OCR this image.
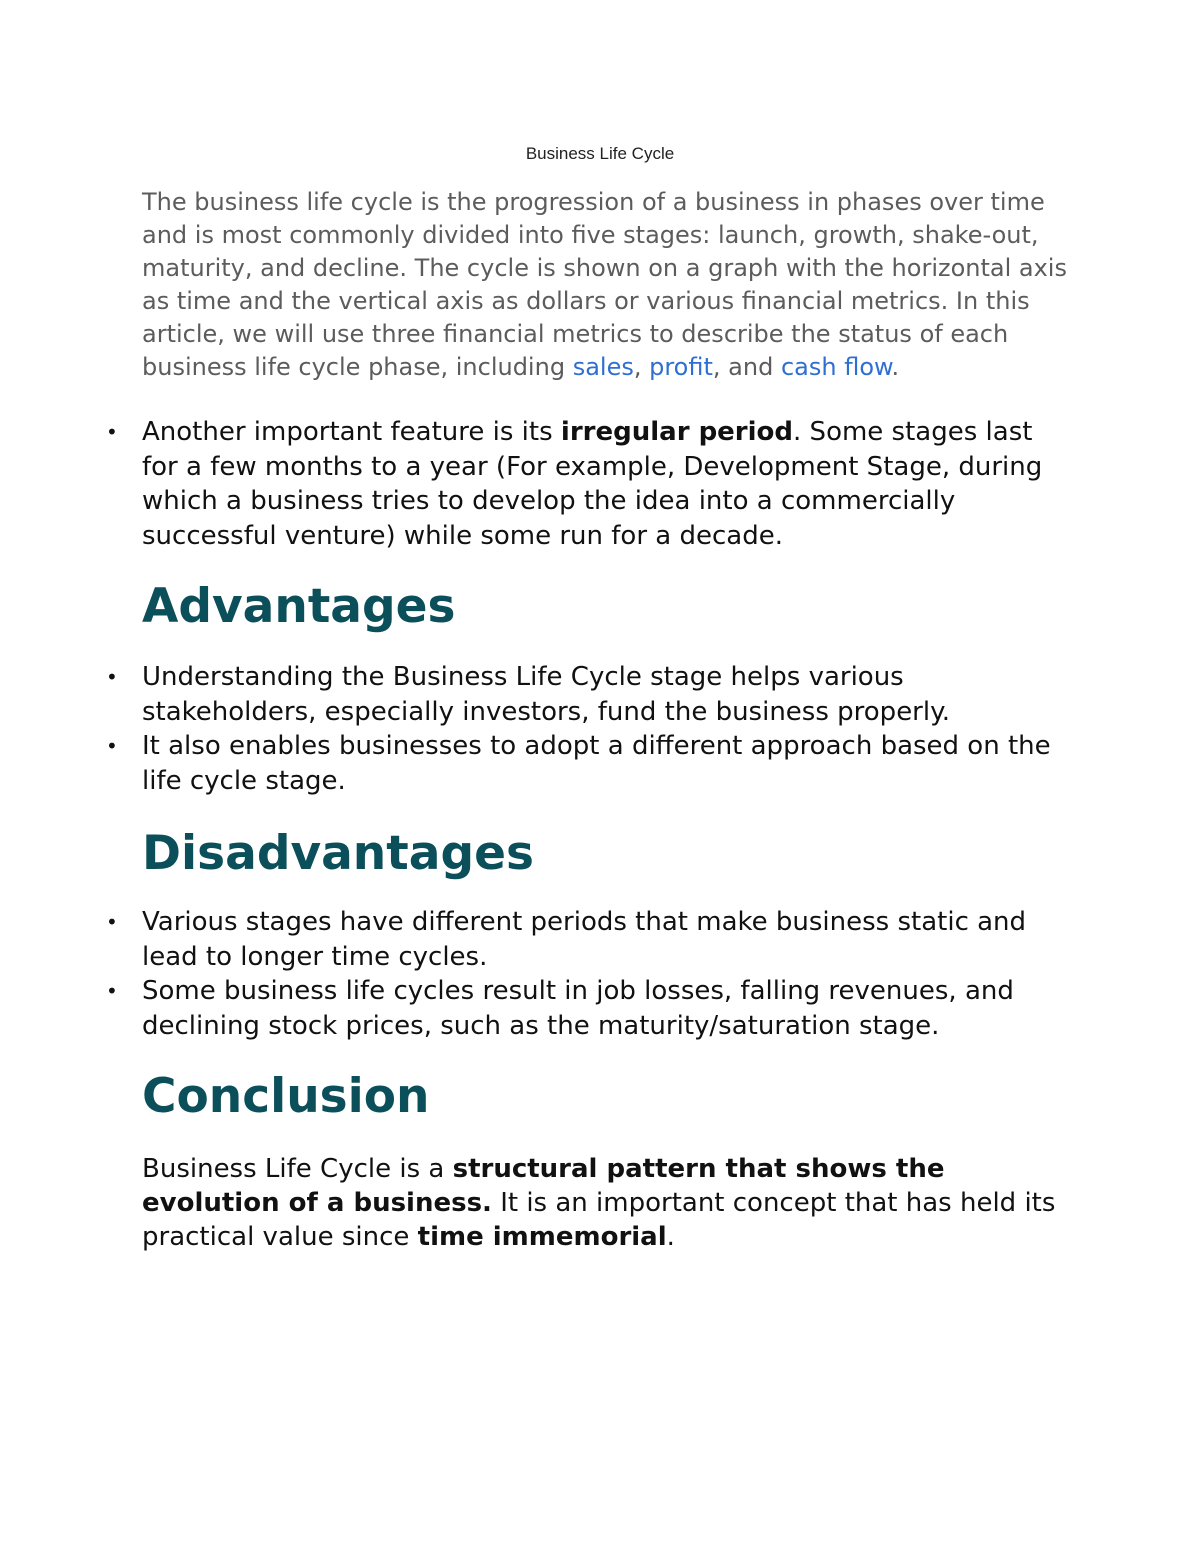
Business Life Cycle

The business life cycle is the progression of a business in phases over time and is most commonly divided into five stages: launch, growth, shake-out, maturity, and decline. The cycle is shown on a graph with the horizontal axis as time and the vertical axis as dollars or various financial metrics. In this article, we will use three financial metrics to describe the status of each business life cycle phase, including sales, profit, and cash flow.

• Another important feature is its irregular period. Some stages last for a few months to a year (For example, Development Stage, during which a business tries to develop the idea into a commercially successful venture) while some run for a decade.
Advantages
• Understanding the Business Life Cycle stage helps various stakeholders, especially investors, fund the business properly.
• It also enables businesses to adopt a different approach based on the life cycle stage.
Disadvantages
• Various stages have different periods that make business static and lead to longer time cycles.
• Some business life cycles result in job losses, falling revenues, and declining stock prices, such as the maturity/saturation stage.
Conclusion

Business Life Cycle is a structural pattern that shows the evolution of a business. It is an important concept that has held its practical value since time immemorial.
